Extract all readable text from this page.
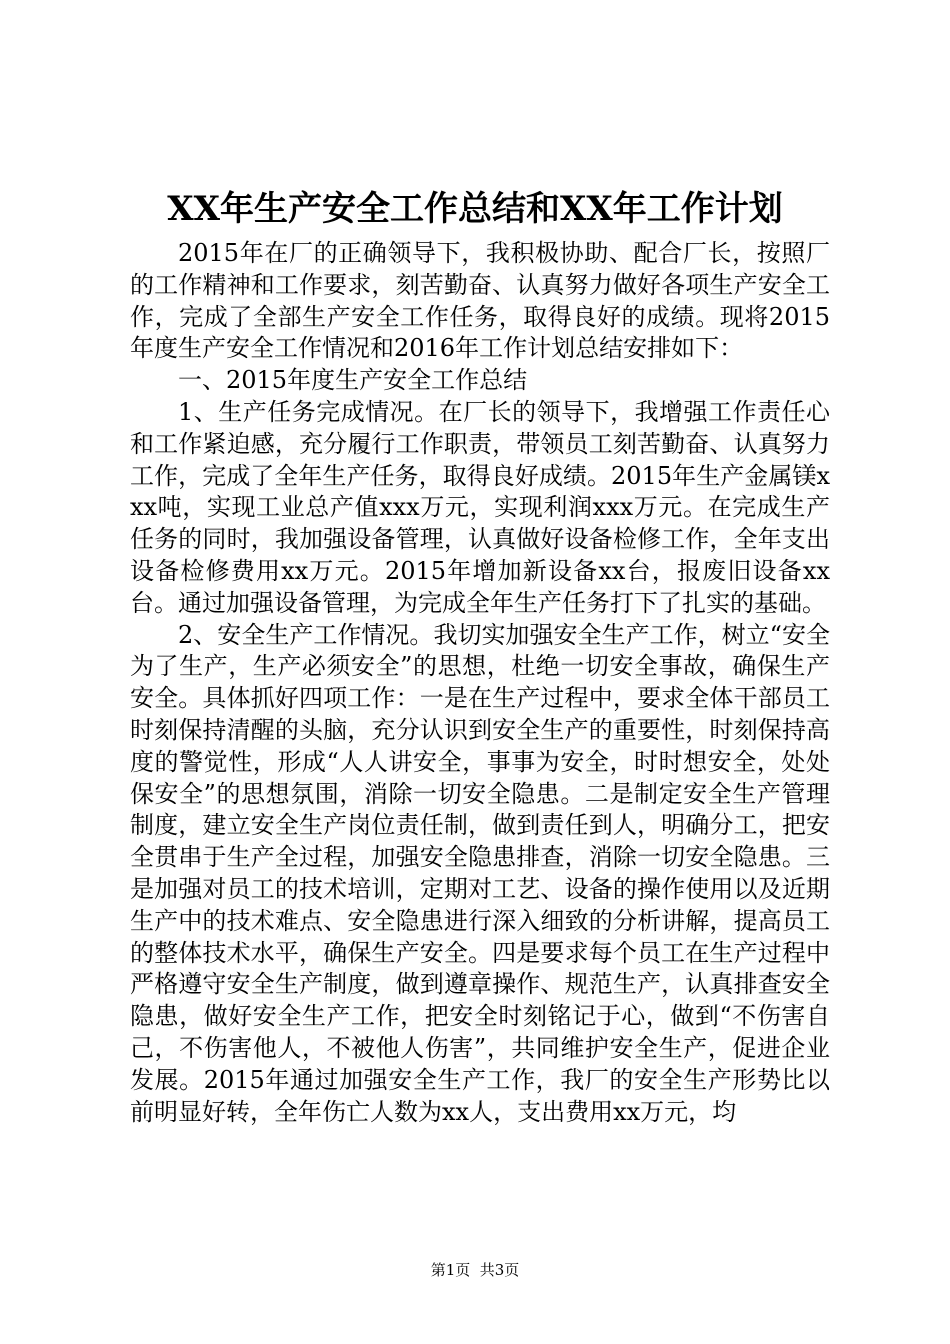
XX年生产安全工作总结和XX年工作计划

2015年在厂的正确领导下，我积极协助、配合厂长，按照厂的工作精神和工作要求，刻苦勤奋、认真努力做好各项生产安全工作，完成了全部生产安全工作任务，取得良好的成绩。现将2015年度生产安全工作情况和2016年工作计划总结安排如下：

一、2015年度生产安全工作总结

1、生产任务完成情况。在厂长的领导下，我增强工作责任心和工作紧迫感，充分履行工作职责，带领员工刻苦勤奋、认真努力工作，完成了全年生产任务，取得良好成绩。2015年生产金属镁xxx吨，实现工业总产值xxx万元，实现利润xxx万元。在完成生产任务的同时，我加强设备管理，认真做好设备检修工作，全年支出设备检修费用xx万元。2015年增加新设备xx台，报废旧设备xx台。通过加强设备管理，为完成全年生产任务打下了扎实的基础。

2、安全生产工作情况。我切实加强安全生产工作，树立“安全为了生产，生产必须安全”的思想，杜绝一切安全事故，确保生产安全。具体抓好四项工作：一是在生产过程中，要求全体干部员工时刻保持清醒的头脑，充分认识到安全生产的重要性，时刻保持高度的警觉性，形成“人人讲安全，事事为安全，时时想安全，处处保安全”的思想氛围，消除一切安全隐患。二是制定安全生产管理制度，建立安全生产岗位责任制，做到责任到人，明确分工，把安全贯串于生产全过程，加强安全隐患排查，消除一切安全隐患。三是加强对员工的技术培训，定期对工艺、设备的操作使用以及近期生产中的技术难点、安全隐患进行深入细致的分析讲解，提高员工的整体技术水平，确保生产安全。四是要求每个员工在生产过程中严格遵守安全生产制度，做到遵章操作、规范生产，认真排查安全隐患，做好安全生产工作，把安全时刻铭记于心，做到“不伤害自己，不伤害他人，不被他人伤害”，共同维护安全生产，促进企业发展。2015年通过加强安全生产工作，我厂的安全生产形势比以前明显好转，全年伤亡人数为xx人，支出费用xx万元，均

第1页  共3页
